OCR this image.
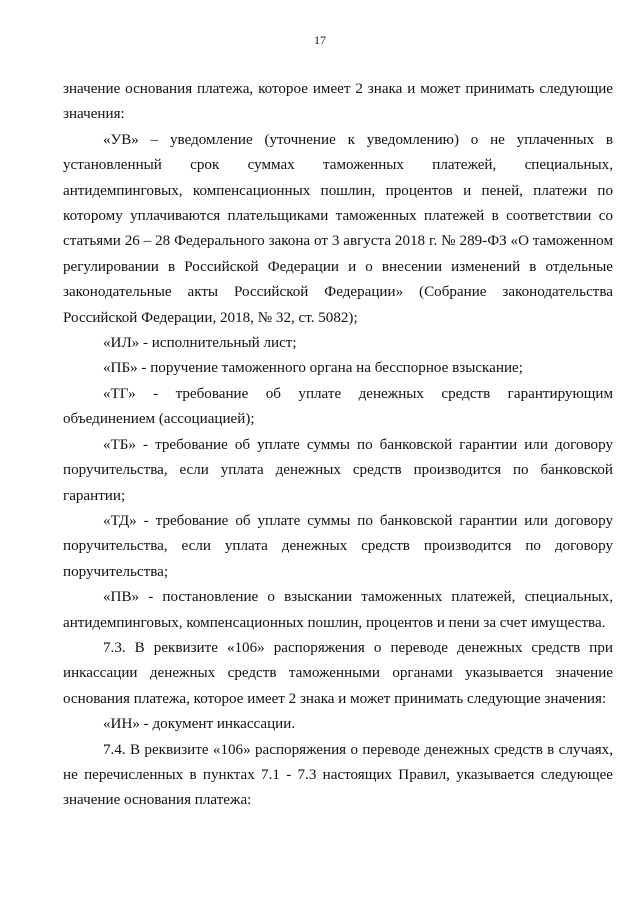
17

значение основания платежа, которое имеет 2 знака и может принимать следующие значения:

«УВ» – уведомление (уточнение к уведомлению) о не уплаченных в установленный срок суммах таможенных платежей, специальных, антидемпинговых, компенсационных пошлин, процентов и пеней, платежи по которому уплачиваются плательщиками таможенных платежей в соответствии со статьями 26 – 28 Федерального закона от 3 августа 2018 г. № 289-ФЗ «О таможенном регулировании в Российской Федерации и о внесении изменений в отдельные законодательные акты Российской Федерации» (Собрание законодательства Российской Федерации, 2018, № 32, ст. 5082);

«ИЛ» - исполнительный лист;

«ПБ» - поручение таможенного органа на бесспорное взыскание;

«ТГ» - требование об уплате денежных средств гарантирующим объединением (ассоциацией);

«ТБ» - требование об уплате суммы по банковской гарантии или договору поручительства, если уплата денежных средств производится по банковской гарантии;

«ТД» - требование об уплате суммы по банковской гарантии или договору поручительства, если уплата денежных средств производится по договору поручительства;

«ПВ» - постановление о взыскании таможенных платежей, специальных, антидемпинговых, компенсационных пошлин, процентов и пени за счет имущества.

7.3. В реквизите «106» распоряжения о переводе денежных средств при инкассации денежных средств таможенными органами указывается значение основания платежа, которое имеет 2 знака и может принимать следующие значения:

«ИН» - документ инкассации.

7.4. В реквизите «106» распоряжения о переводе денежных средств в случаях, не перечисленных в пунктах 7.1 - 7.3 настоящих Правил, указывается следующее значение основания платежа:
